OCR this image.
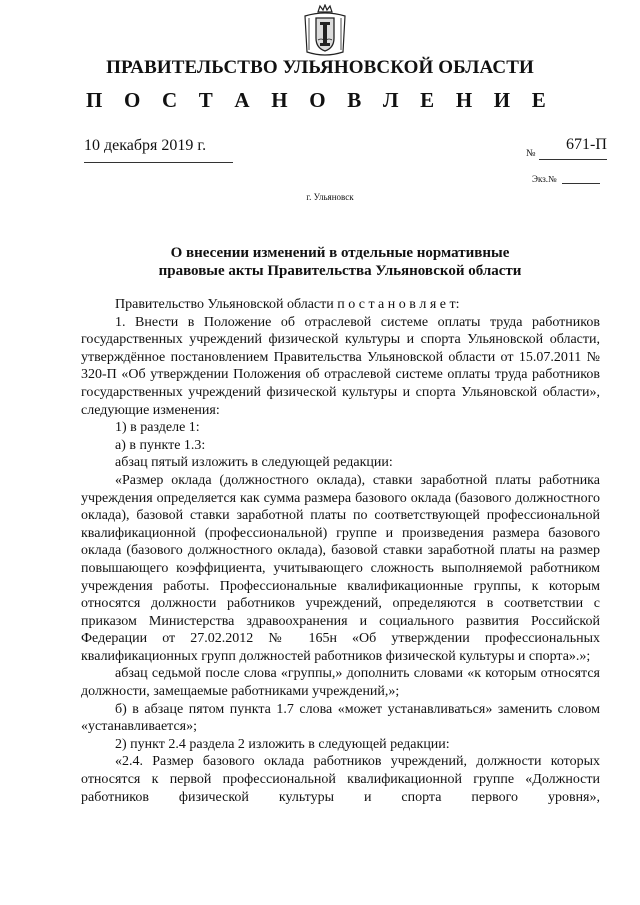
ПРАВИТЕЛЬСТВО УЛЬЯНОВСКОЙ ОБЛАСТИ
П О С Т А Н О В Л Е Н И Е
10 декабря 2019 г.	№
671-П
Экз.№
г. Ульяновск
О внесении изменений в отдельные нормативные
правовые акты Правительства Ульяновской области

Правительство Ульяновской области п о с т а н о в л я е т:

1. Внести в Положение об отраслевой системе оплаты труда работников государственных учреждений физической культуры и спорта Ульяновской области, утверждённое постановлением Правительства Ульяновской области от 15.07.2011 № 320-П «Об утверждении Положения об отраслевой системе оплаты труда работников государственных учреждений физической культуры и спорта Ульяновской области», следующие изменения:

1) в разделе 1:

а) в пункте 1.3:

абзац пятый изложить в следующей редакции:

«Размер оклада (должностного оклада), ставки заработной платы работника учреждения определяется как сумма размера базового оклада (базового должностного оклада), базовой ставки заработной платы по соответствующей профессиональной квалификационной (профессиональной) группе и произведения размера базового оклада (базового должностного оклада), базовой ставки заработной платы на размер повышающего коэффициента, учитывающего сложность выполняемой работником учреждения работы. Профессиональные квалификационные группы, к которым относятся должности работников учреждений, определяются в соответствии с приказом Министерства здравоохранения и социального развития Российской Федерации от 27.02.2012 № 165н «Об утверждении профессиональных квалификационных групп должностей работников физической культуры и спорта».»;

абзац седьмой после слова «группы,» дополнить словами «к которым относятся должности, замещаемые работниками учреждений,»;

б) в абзаце пятом пункта 1.7 слова «может устанавливаться» заменить словом «устанавливается»;

2) пункт 2.4 раздела 2 изложить в следующей редакции:

«2.4. Размер базового оклада работников учреждений, должности которых относятся к первой профессиональной квалификационной группе «Должности работников физической культуры и спорта первого уровня»,
